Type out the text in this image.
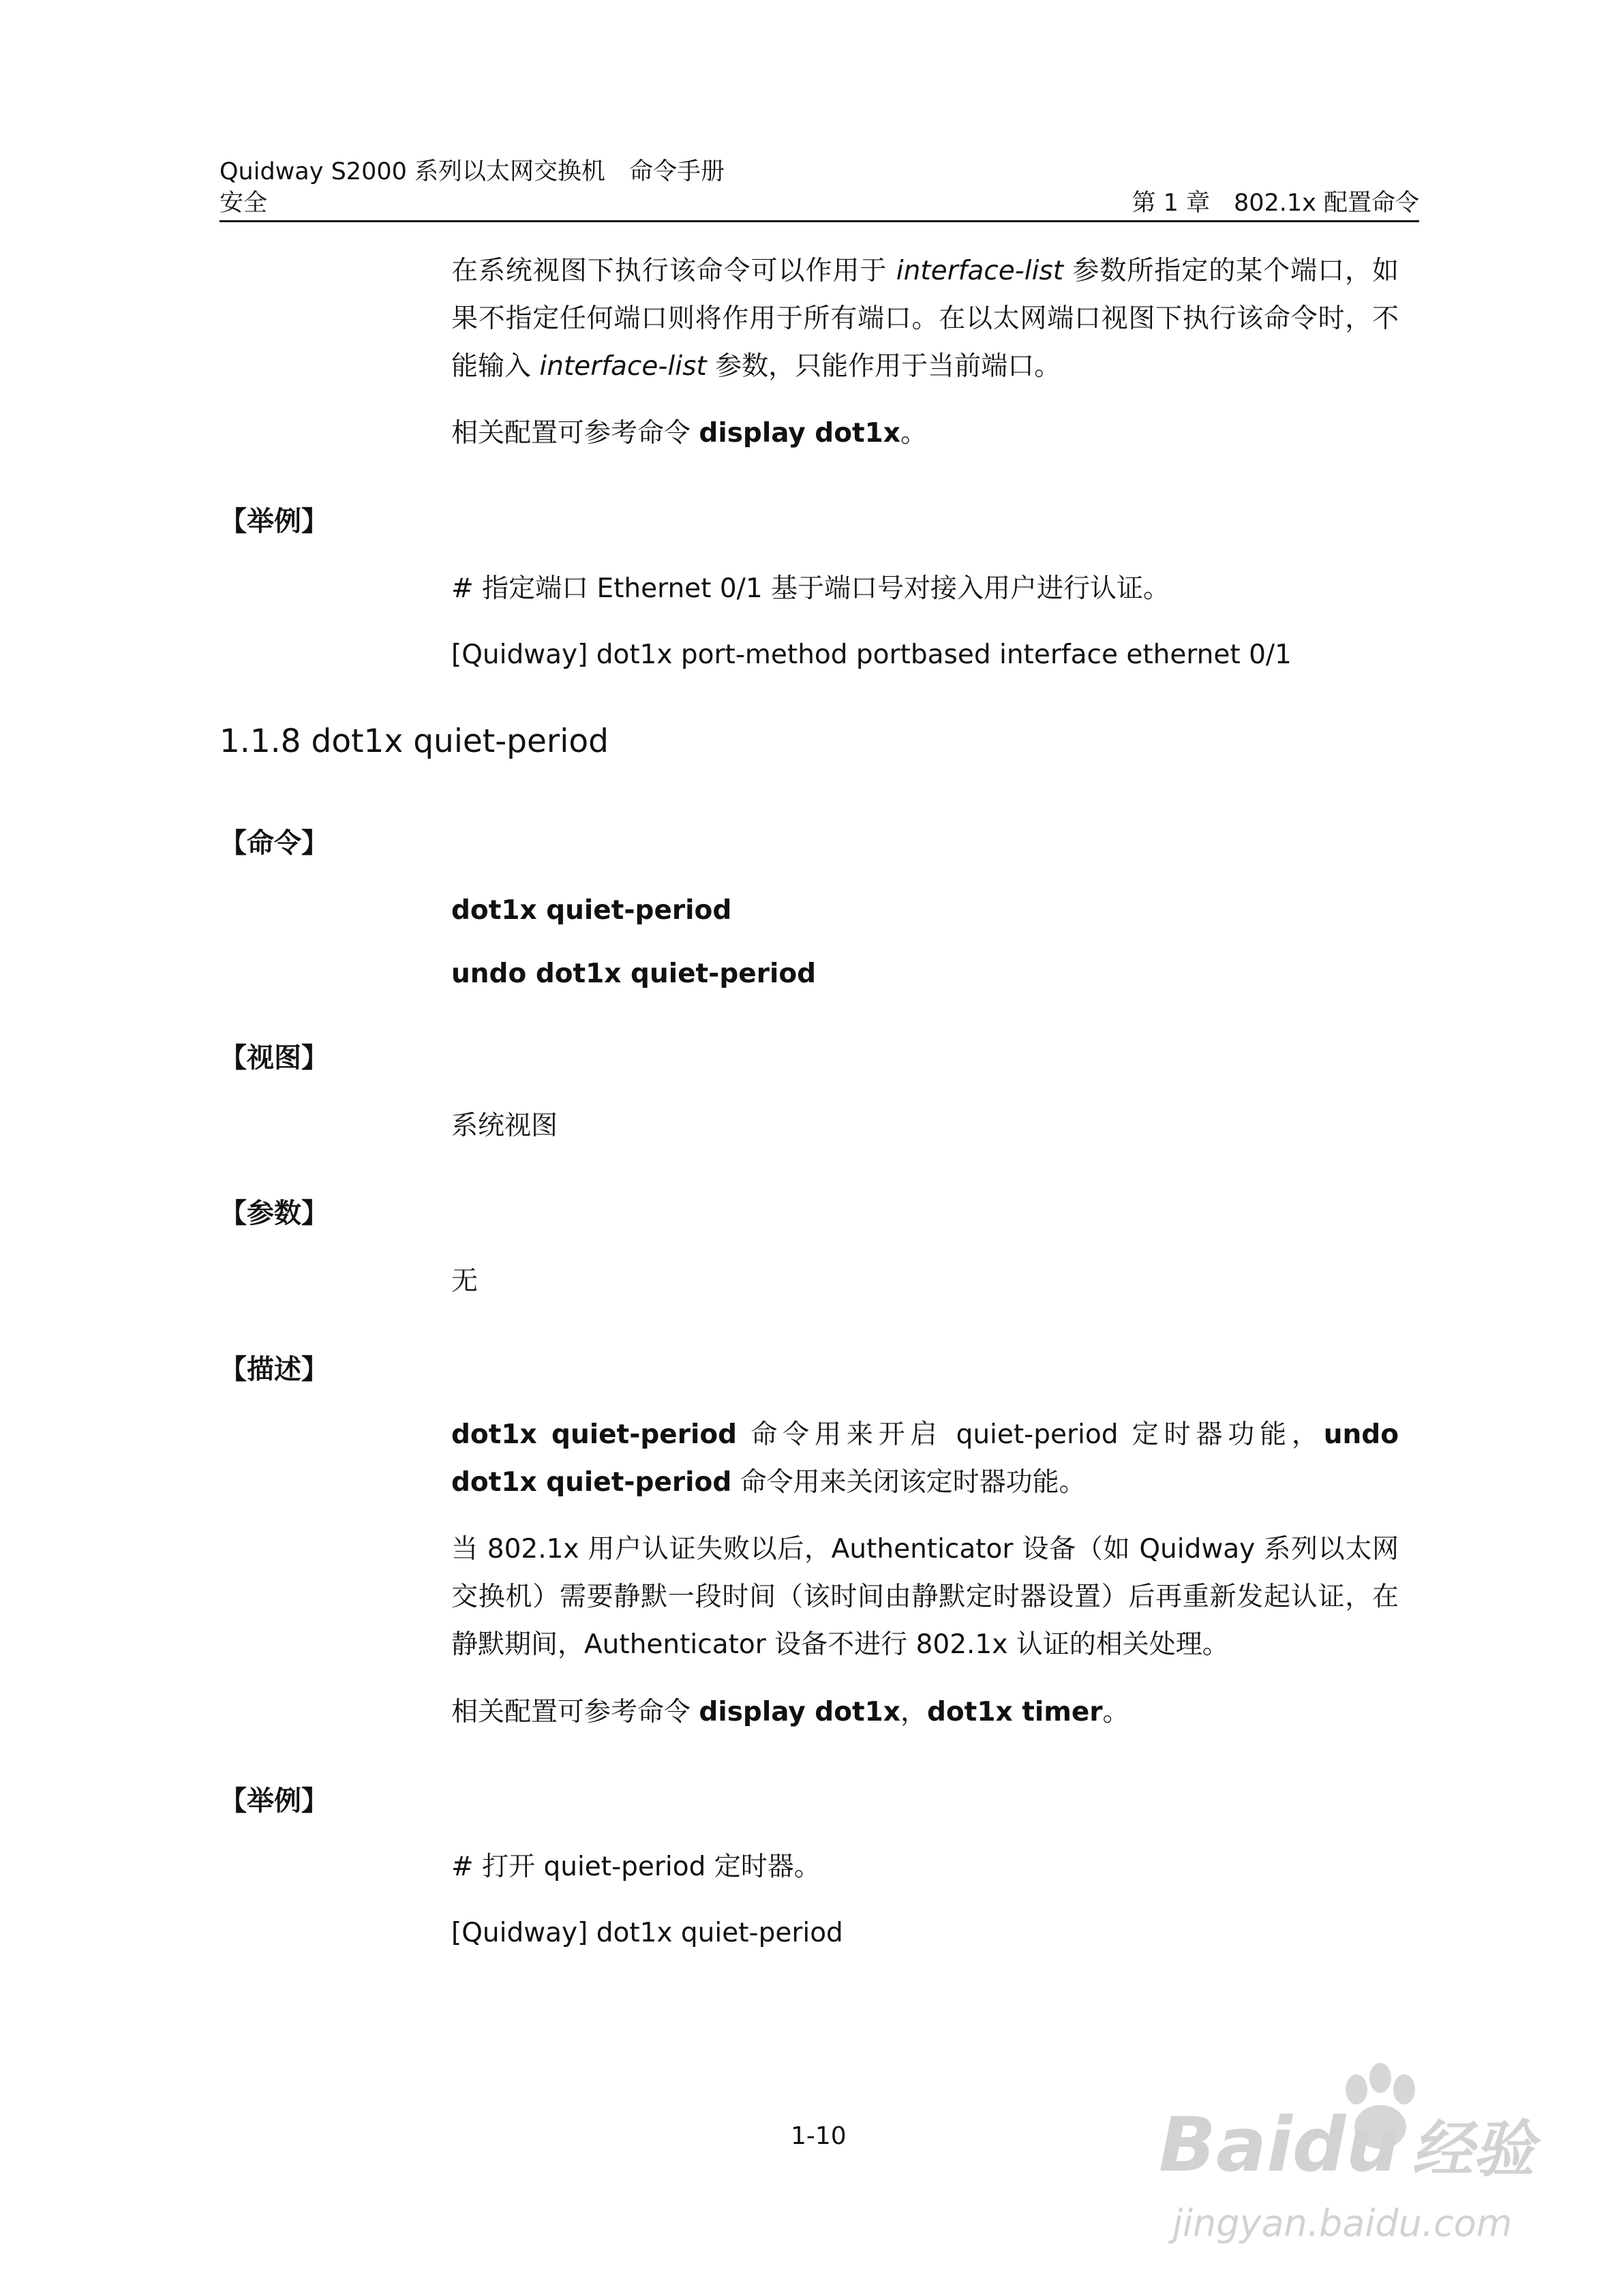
Quidway S2000 系列以太网交换机　命令手册
安全	第 1 章　802.1x 配置命令
在系统视图下执行该命令可以作用于 interface-list 参数所指定的某个端口，如果不指定任何端口则将作用于所有端口。在以太网端口视图下执行该命令时，不能输入 interface-list 参数，只能作用于当前端口。
相关配置可参考命令 display dot1x。
【举例】
# 指定端口 Ethernet 0/1 基于端口号对接入用户进行认证。
[Quidway] dot1x port-method portbased interface ethernet 0/1
1.1.8 dot1x quiet-period
【命令】
dot1x quiet-period
undo dot1x quiet-period
【视图】
系统视图
【参数】
无
【描述】
dot1x quiet-period 命令用来开启 quiet-period 定时器功能，undo dot1x quiet-period 命令用来关闭该定时器功能。
当 802.1x 用户认证失败以后，Authenticator 设备（如 Quidway 系列以太网交换机）需要静默一段时间（该时间由静默定时器设置）后再重新发起认证，在静默期间，Authenticator 设备不进行 802.1x 认证的相关处理。
相关配置可参考命令 display dot1x，dot1x timer。
【举例】
# 打开 quiet-period 定时器。
[Quidway] dot1x quiet-period
1-10	Baidu 经验
jingyan.baidu.com
